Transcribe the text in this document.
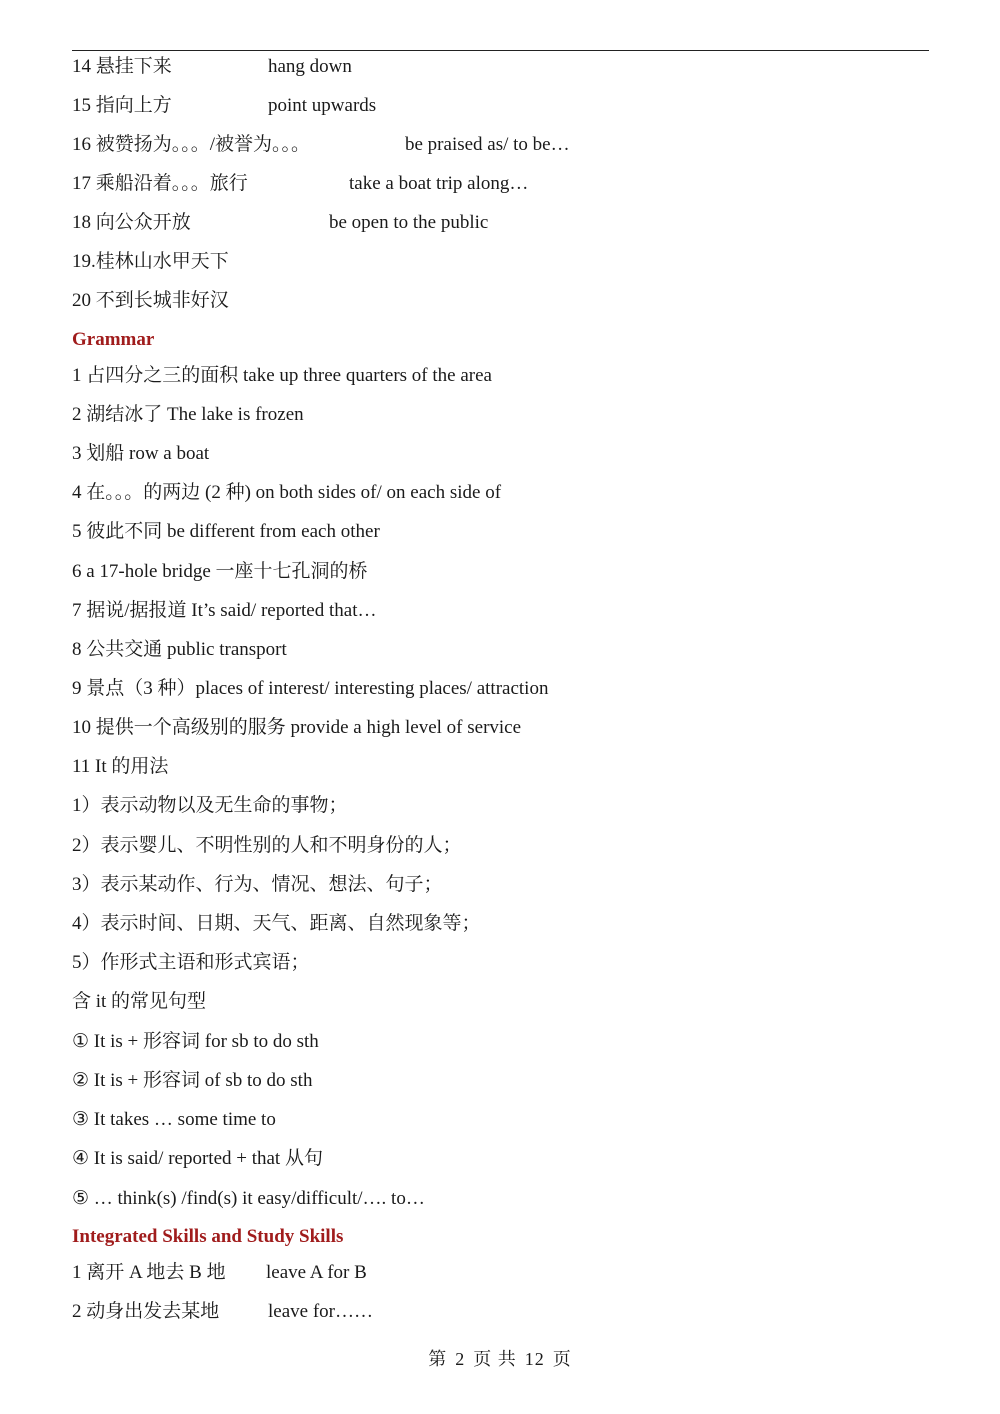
14 悬挂下来	hang down
15 指向上方	point upwards
16 被赞扬为。。。/被誉为。。。	be praised as/ to be…
17 乘船沿着。。。旅行	take a boat trip along…
18 向公众开放	be open to the public
19.桂林山水甲天下
20 不到长城非好汉
Grammar
1 占四分之三的面积 take up three quarters of the area
2 湖结冰了 The lake is frozen
3 划船 row a boat
4 在。。。的两边 (2 种) on both sides of/ on each side of
5 彼此不同 be different from each other
6 a 17-hole bridge 一座十七孔洞的桥
7 据说/据报道 It’s said/ reported that…
8 公共交通 public transport
9 景点（3 种）places of interest/ interesting places/ attraction
10 提供一个高级别的服务 provide a high level of service
11 It 的用法
1）表示动物以及无生命的事物；
2）表示婴儿、不明性别的人和不明身份的人；
3）表示某动作、行为、情况、想法、句子；
4）表示时间、日期、天气、距离、自然现象等；
5）作形式主语和形式宾语；
含 it 的常见句型
① It is + 形容词 for sb to do sth
② It is + 形容词 of sb to do sth
③ It takes … some time to
④ It is said/ reported + that 从句
⑤ … think(s) /find(s) it easy/difficult/…. to…
Integrated Skills and Study Skills
1 离开 A 地去 B 地 leave A for B
2 动身出发去某地	leave for……
第 2 页 共 12 页
